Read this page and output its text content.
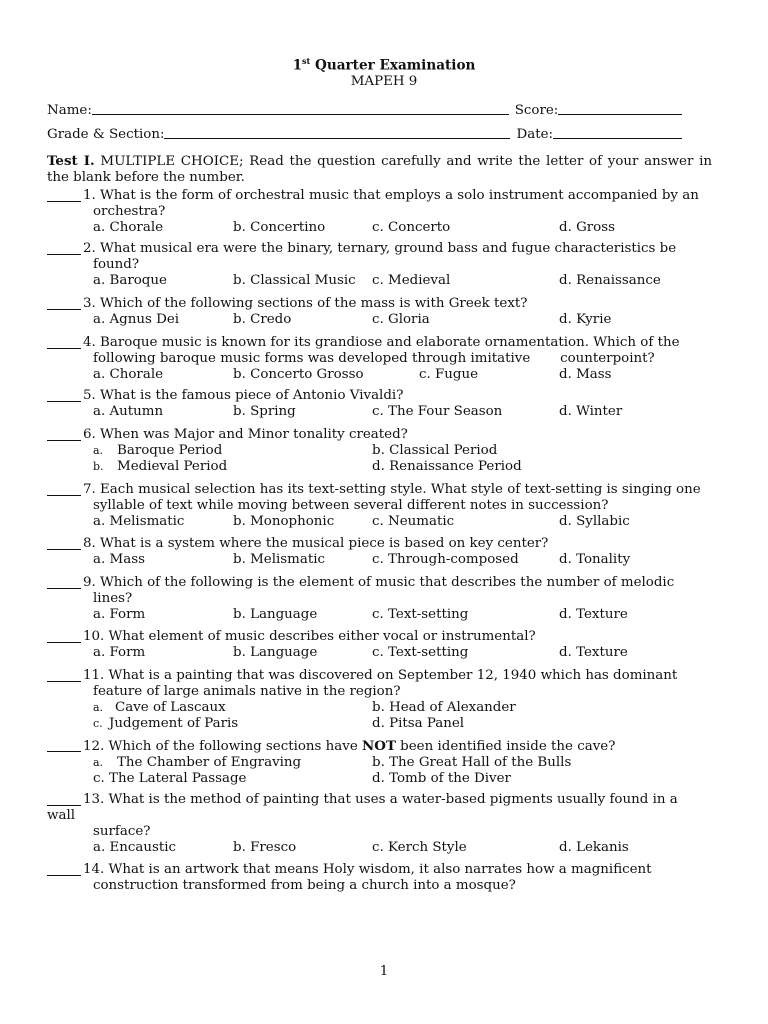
1st Quarter Examination
MAPEH 9
Name:	Score:
Grade & Section:	Date:
Test I. MULTIPLE CHOICE; Read the question carefully and write the letter of your answer in the blank before the number.
1. What is the form of orchestral music that employs a solo instrument accompanied by an
orchestra?
a. Chorale	b. Concertino	c. Concerto	d. Gross
2. What musical era were the binary, ternary, ground bass and fugue characteristics be
found?
a. Baroque	b. Classical Music c. Medieval	d. Renaissance
3. Which of the following sections of the mass is with Greek text?
a. Agnus Dei	b. Credo	c. Gloria	d. Kyrie
4. Baroque music is known for its grandiose and elaborate ornamentation. Which of the
following baroque music forms was developed through imitative       counterpoint?
a. Chorale	b. Concerto Grosso	c. Fugue	d. Mass
5. What is the famous piece of Antonio Vivaldi?
a. Autumn	b. Spring	c. The Four Season	d. Winter
6. When was Major and Minor tonality created?
a. Baroque Period	b. Classical Period
b. Medieval Period	d. Renaissance Period
7. Each musical selection has its text-setting style. What style of text-setting is singing one
syllable of text while moving between several different notes in succession?
a. Melismatic	b. Monophonic	c. Neumatic	d. Syllabic
8. What is a system where the musical piece is based on key center?
a. Mass	b. Melismatic	c. Through-composed	d. Tonality
9. Which of the following is the element of music that describes the number of melodic
lines?
a. Form	b. Language	c. Text-setting	d. Texture
10. What element of music describes either vocal or instrumental?
a. Form	b. Language	c. Text-setting	d. Texture
11. What is a painting that was discovered on September 12, 1940 which has dominant
feature of large animals native in the region?
a. Cave of Lascaux	b. Head of Alexander
c. Judgement of Paris	d. Pitsa Panel
12. Which of the following sections have NOT been identified inside the cave?
a. The Chamber of Engraving	b. The Great Hall of the Bulls
c. The Lateral Passage	d. Tomb of the Diver
13. What is the method of painting that uses a water-based pigments usually found in a
wall
surface?
a. Encaustic	b. Fresco	c. Kerch Style	d. Lekanis
14. What is an artwork that means Holy wisdom, it also narrates how a magnificent
construction transformed from being a church into a mosque?
1
